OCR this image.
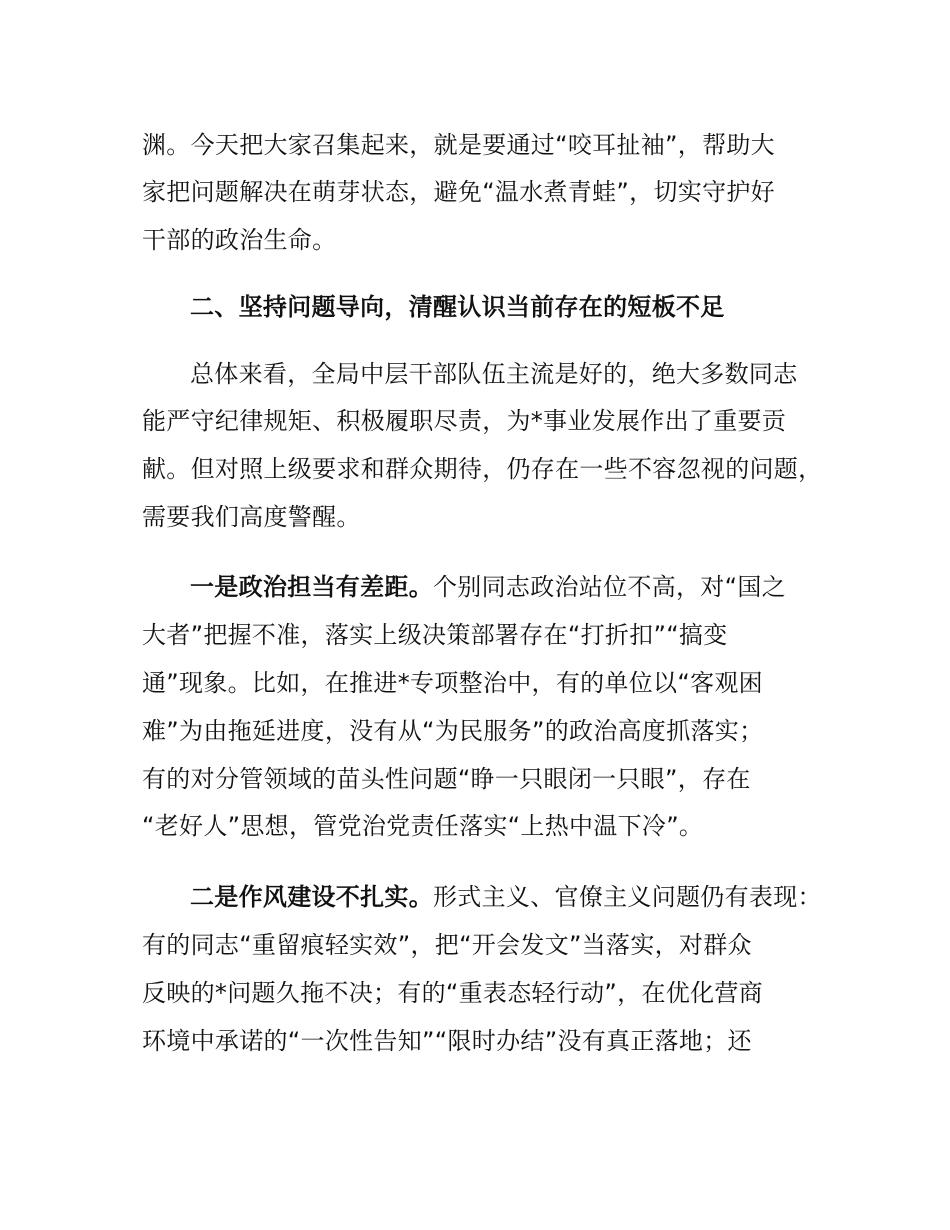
渊。今天把大家召集起来，就是要通过“咬耳扯袖”，帮助大
家把问题解决在萌芽状态，避免“温水煮青蛙”，切实守护好
干部的政治生命。
二、坚持问题导向，清醒认识当前存在的短板不足
总体来看，全局中层干部队伍主流是好的，绝大多数同志
能严守纪律规矩、积极履职尽责，为*事业发展作出了重要贡
献。但对照上级要求和群众期待，仍存在一些不容忽视的问题，
需要我们高度警醒。
一是政治担当有差距。个别同志政治站位不高，对“国之
大者”把握不准，落实上级决策部署存在“打折扣”“搞变
通”现象。比如，在推进*专项整治中，有的单位以“客观困
难”为由拖延进度，没有从“为民服务”的政治高度抓落实；
有的对分管领域的苗头性问题“睁一只眼闭一只眼”，存在
“老好人”思想，管党治党责任落实“上热中温下冷”。
二是作风建设不扎实。形式主义、官僚主义问题仍有表现：
有的同志“重留痕轻实效”，把“开会发文”当落实，对群众
反映的*问题久拖不决；有的“重表态轻行动”，在优化营商
环境中承诺的“一次性告知”“限时办结”没有真正落地；还
